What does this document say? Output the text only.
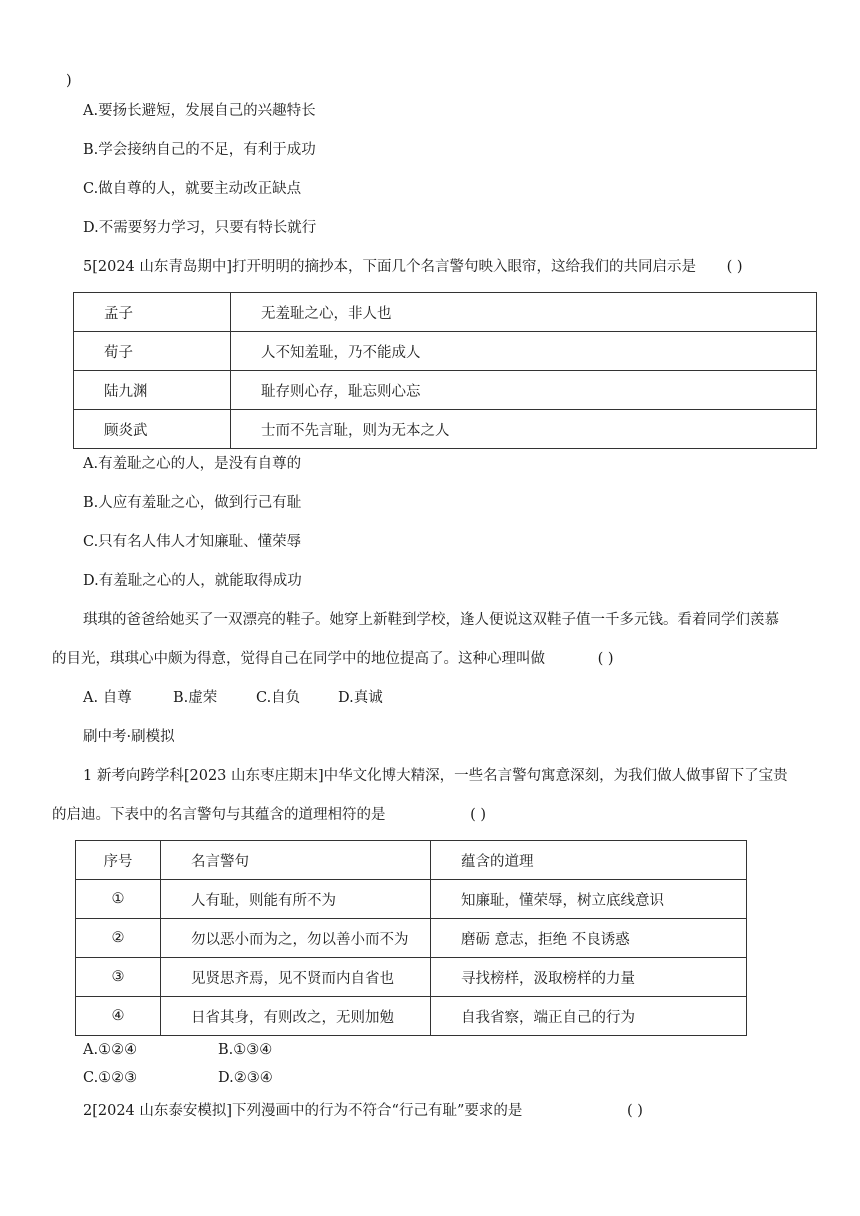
)
A.要扬长避短，发展自己的兴趣特长
B.学会接纳自己的不足，有利于成功
C.做自尊的人，就要主动改正缺点
D.不需要努力学习，只要有特长就行
5[2024 山东青岛期中]打开明明的摘抄本，下面几个名言警句映入眼帘，这给我们的共同启示是 ( )
孟子	无羞耻之心，非人也
荀子	人不知羞耻，乃不能成人
陆九渊	耻存则心存，耻忘则心忘
顾炎武	士而不先言耻，则为无本之人
A.有羞耻之心的人，是没有自尊的
B.人应有羞耻之心，做到行己有耻
C.只有名人伟人才知廉耻、懂荣辱
D.有羞耻之心的人，就能取得成功
琪琪的爸爸给她买了一双漂亮的鞋子。她穿上新鞋到学校，逢人便说这双鞋子值一千多元钱。看着同学们羡慕
的目光，琪琪心中颇为得意，觉得自己在同学中的地位提高了。这种心理叫做	( )
A. 自尊	B.虚荣	C.自负	D.真诚
刷中考·刷模拟
1 新考向跨学科[2023 山东枣庄期末]中华文化博大精深，一些名言警句寓意深刻，为我们做人做事留下了宝贵
的启迪。下表中的名言警句与其蕴含的道理相符的是	( )
序号	名言警句	蕴含的道理
①	人有耻，则能有所不为	知廉耻，懂荣辱，树立底线意识
②	勿以恶小而为之，勿以善小而不为	磨砺 意志，拒绝 不良诱惑
③	见贤思齐焉，见不贤而内自省也	寻找榜样，汲取榜样的力量
④	日省其身，有则改之，无则加勉	自我省察，端正自己的行为
A.①②④	B.①③④
C.①②③	D.②③④
2[2024 山东泰安模拟]下列漫画中的行为不符合“行己有耻”要求的是	( )
